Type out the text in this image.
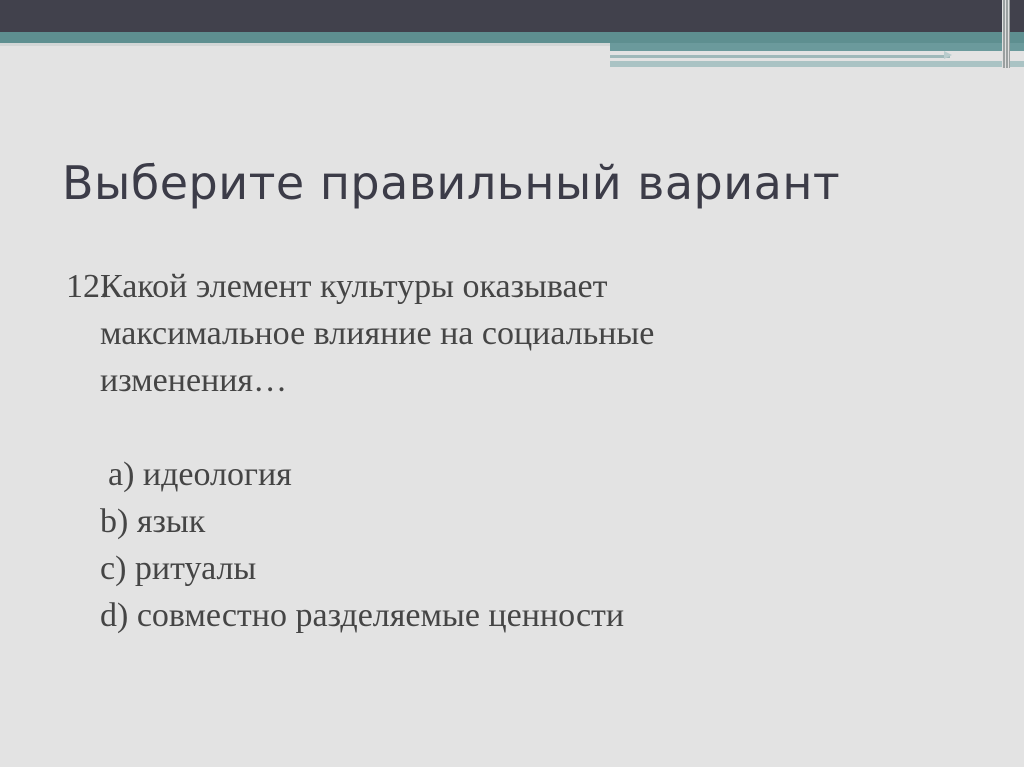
Выберите правильный вариант
12.
Какой элемент культуры оказывает
максимальное влияние на социальные
изменения…
a) идеология
b) язык
c) ритуалы
d) совместно разделяемые ценности
